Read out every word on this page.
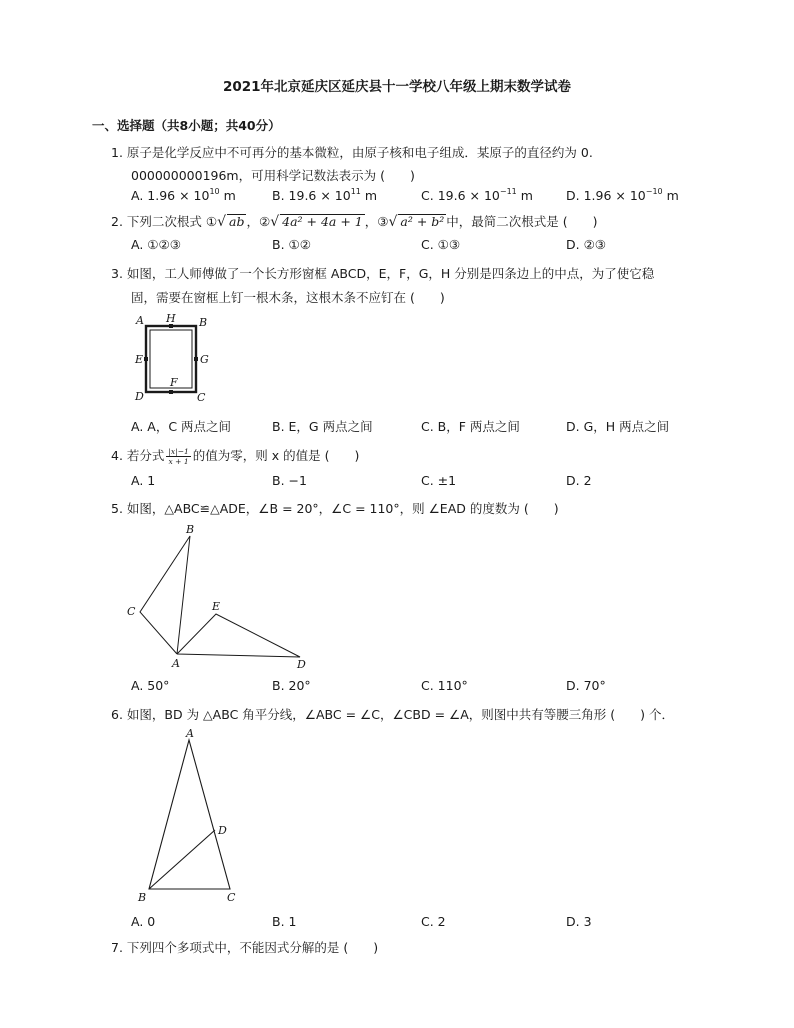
2021年北京延庆区延庆县十一学校八年级上期末数学试卷
一、选择题（共8小题；共40分）
1. 原子是化学反应中不可再分的基本微粒，由原子核和电子组成．某原子的直径约为 0.
000000000196m，可用科学记数法表示为 (　　)
A. $1.96 \times 10^{10}$ m	B. $19.6 \times 10^{11}$ m	C. $19.6 \times 10^{-11}$ m	D. $1.96 \times 10^{-10}$ m
2. 下列二次根式 ①√ ab ，②√ 4a² + 4a + 1 ，③√ a² + b² 中，最简二次根式是 (　　)
A. ①②③	B. ①②	C. ①③	D. ②③
3. 如图，工人师傅做了一个长方形窗框 ABCD，E，F，G，H 分别是四条边上的中点，为了使它稳
固，需要在窗框上钉一根木条，这根木条不应钉在 (　　)
A H B
E	G
F
D	C
A. A，C 两点之间	B. E，G 两点之间	C. B，F 两点之间	D. G，H 两点之间
4. 若分式 $\frac{|x|-1}{x + 1}$ 的值为零，则 x 的值是 (　　)
A. 1	B. −1	C. ±1	D. 2
5. 如图，△ABC≌△ADE，∠B = 20°，∠C = 110°，则 ∠EAD 的度数为 (　　)
B
C	E
A	D
A. 50°	B. 20°	C. 110°	D. 70°
6. 如图，BD 为 △ABC 角平分线，∠ABC = ∠C，∠CBD = ∠A，则图中共有等腰三角形 (　　) 个．
A
D
B	C
A. 0	B. 1	C. 2	D. 3
7. 下列四个多项式中，不能因式分解的是 (　　)
